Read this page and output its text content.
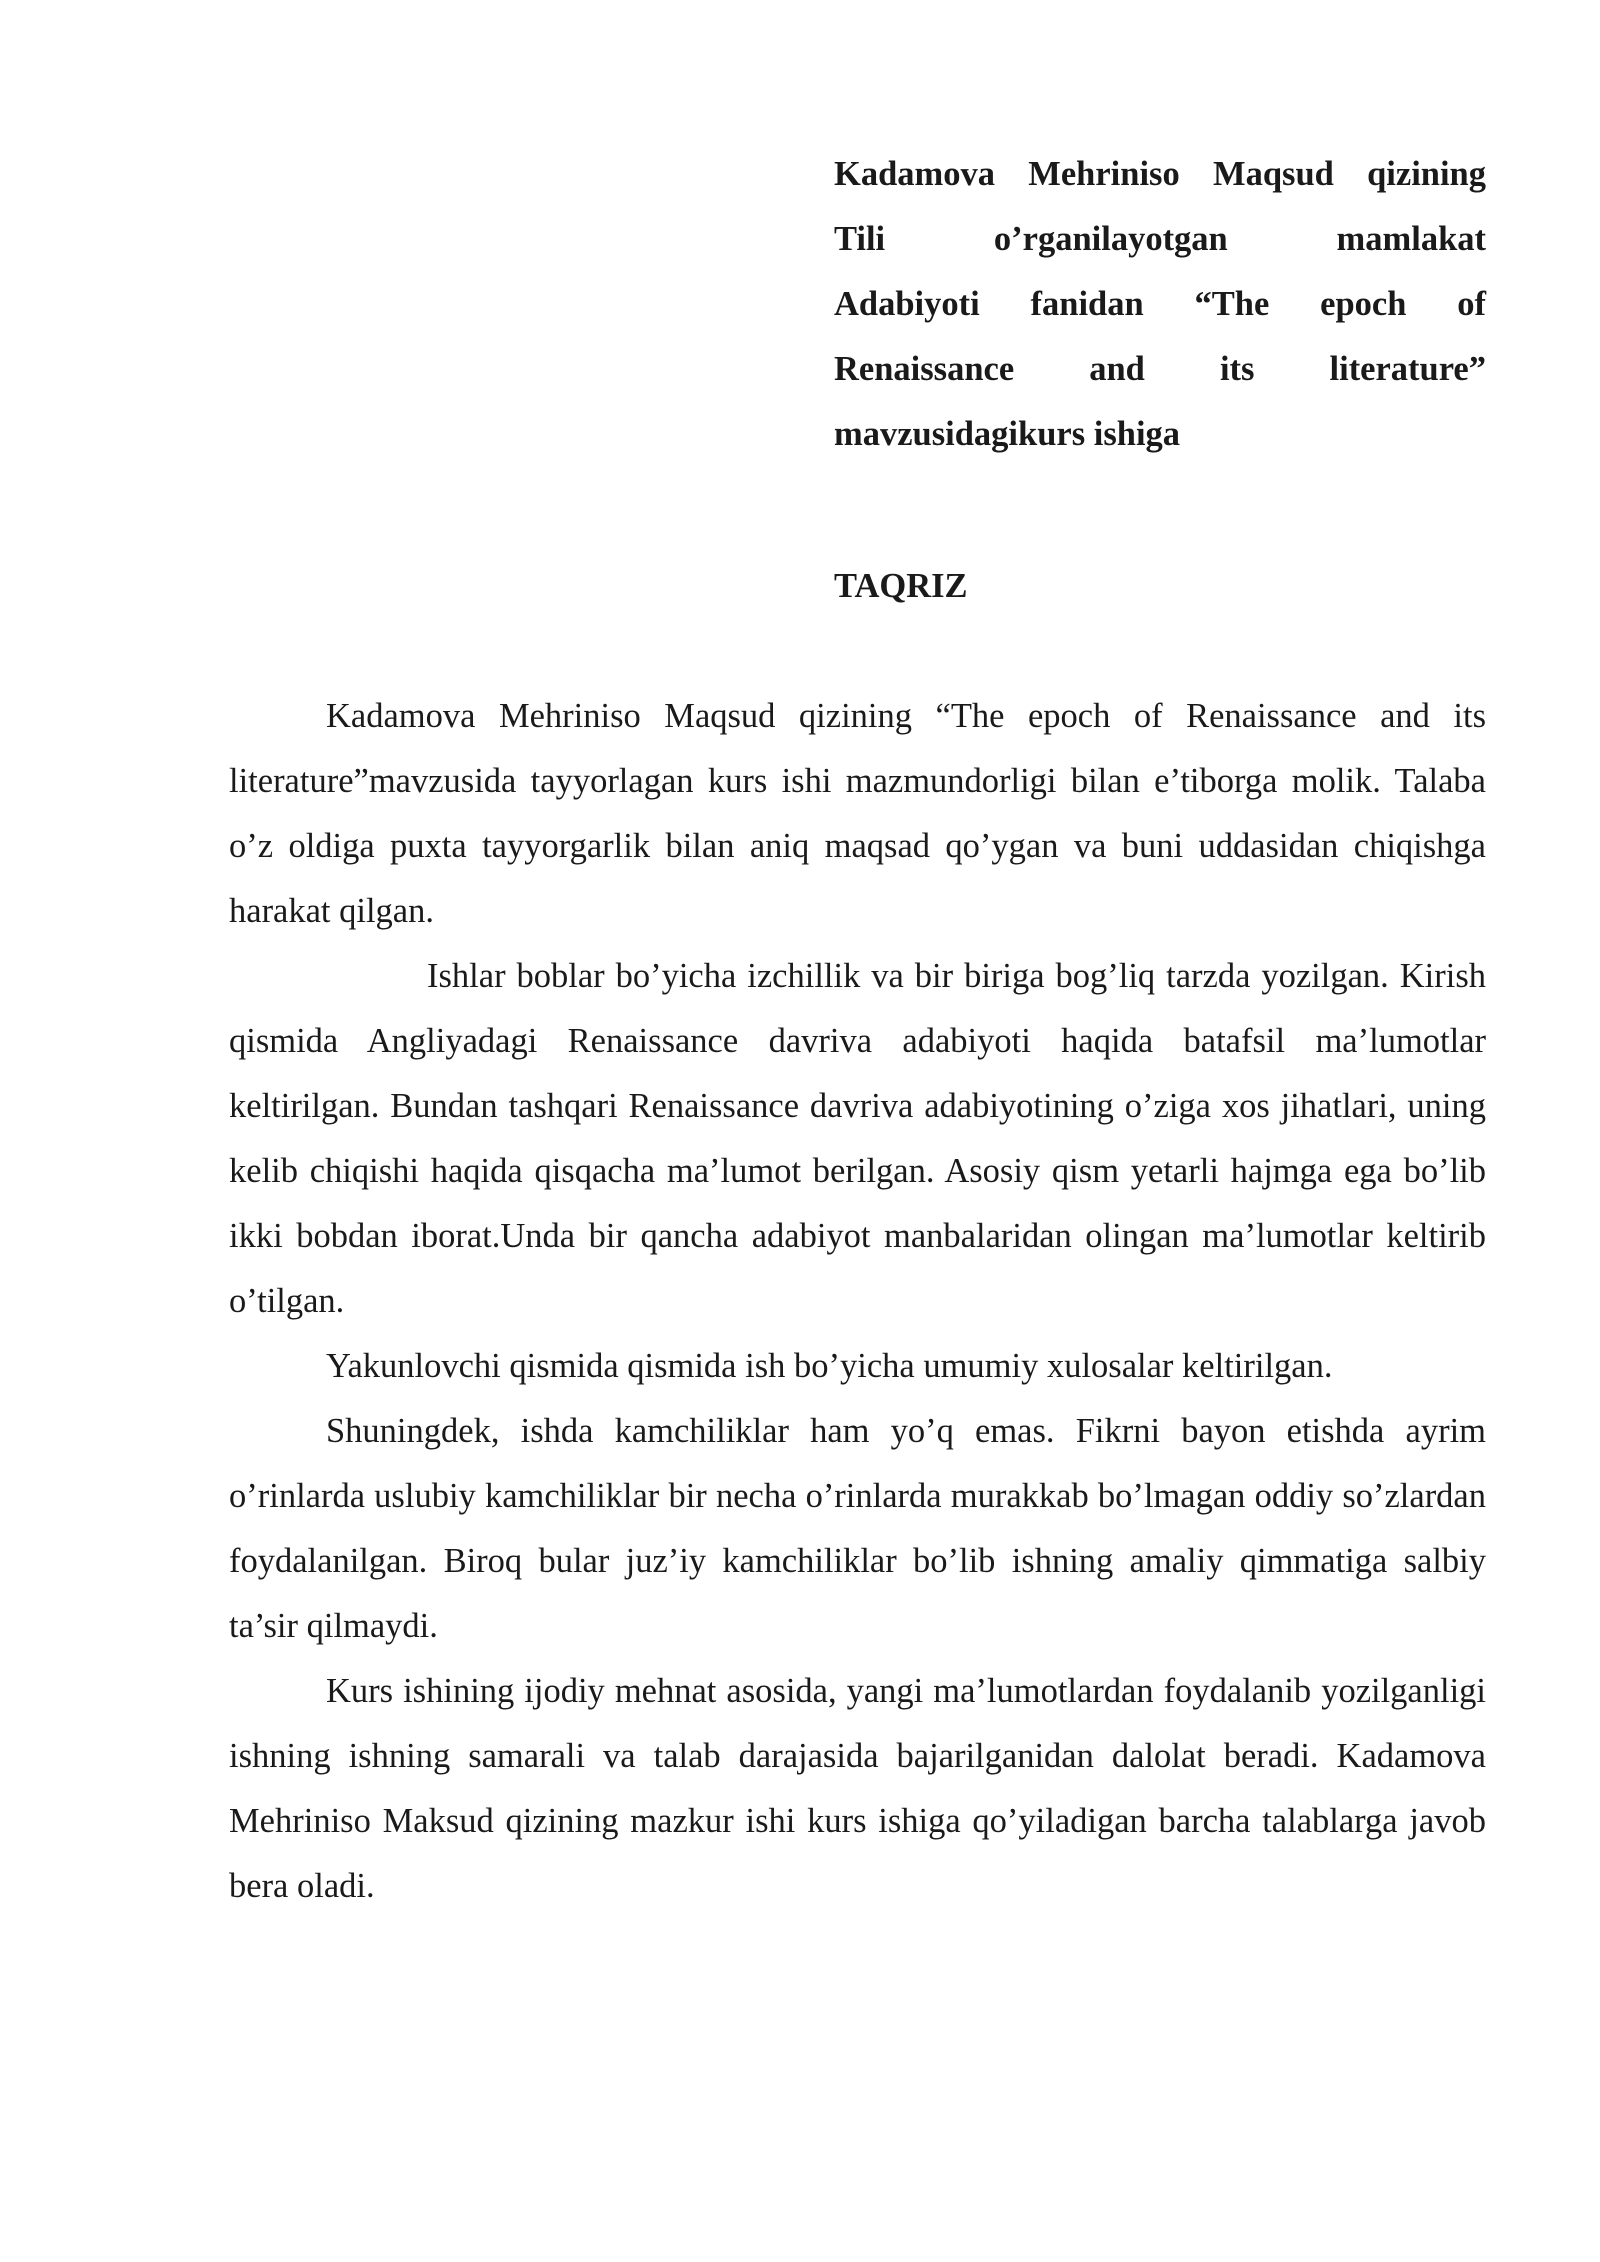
Kadamova Mehriniso Maqsud qizining
Tili o’rganilayotgan mamlakat
Adabiyoti fanidan “The epoch of
Renaissance and its literature”
mavzusidagikurs ishiga
TAQRIZ

Kadamova Mehriniso Maqsud qizining “The epoch of Renaissance and its literature”mavzusida tayyorlagan kurs ishi mazmundorligi bilan e’tiborga molik. Talaba o’z oldiga puxta tayyorgarlik bilan aniq maqsad qo’ygan va buni uddasidan chiqishga harakat qilgan.

Ishlar boblar bo’yicha izchillik va bir biriga bog’liq tarzda yozilgan. Kirish qismida Angliyadagi Renaissance davriva adabiyoti haqida batafsil ma’lumotlar keltirilgan. Bundan tashqari Renaissance davriva adabiyotining o’ziga xos jihatlari, uning kelib chiqishi haqida qisqacha ma’lumot berilgan. Asosiy qism yetarli hajmga ega bo’lib ikki bobdan iborat.Unda bir qancha adabiyot manbalaridan olingan ma’lumotlar keltirib o’tilgan.

Yakunlovchi qismida qismida ish bo’yicha umumiy xulosalar keltirilgan.

Shuningdek, ishda kamchiliklar ham yo’q emas. Fikrni bayon etishda ayrim o’rinlarda uslubiy kamchiliklar bir necha o’rinlarda murakkab bo’lmagan oddiy so’zlardan foydalanilgan. Biroq bular juz’iy kamchiliklar bo’lib ishning amaliy qimmatiga salbiy ta’sir qilmaydi.

Kurs ishining ijodiy mehnat asosida, yangi ma’lumotlardan foydalanib yozilganligi ishning ishning samarali va talab darajasida bajarilganidan dalolat beradi. Kadamova Mehriniso Maksud qizining mazkur ishi kurs ishiga qo’yiladigan barcha talablarga javob bera oladi.
